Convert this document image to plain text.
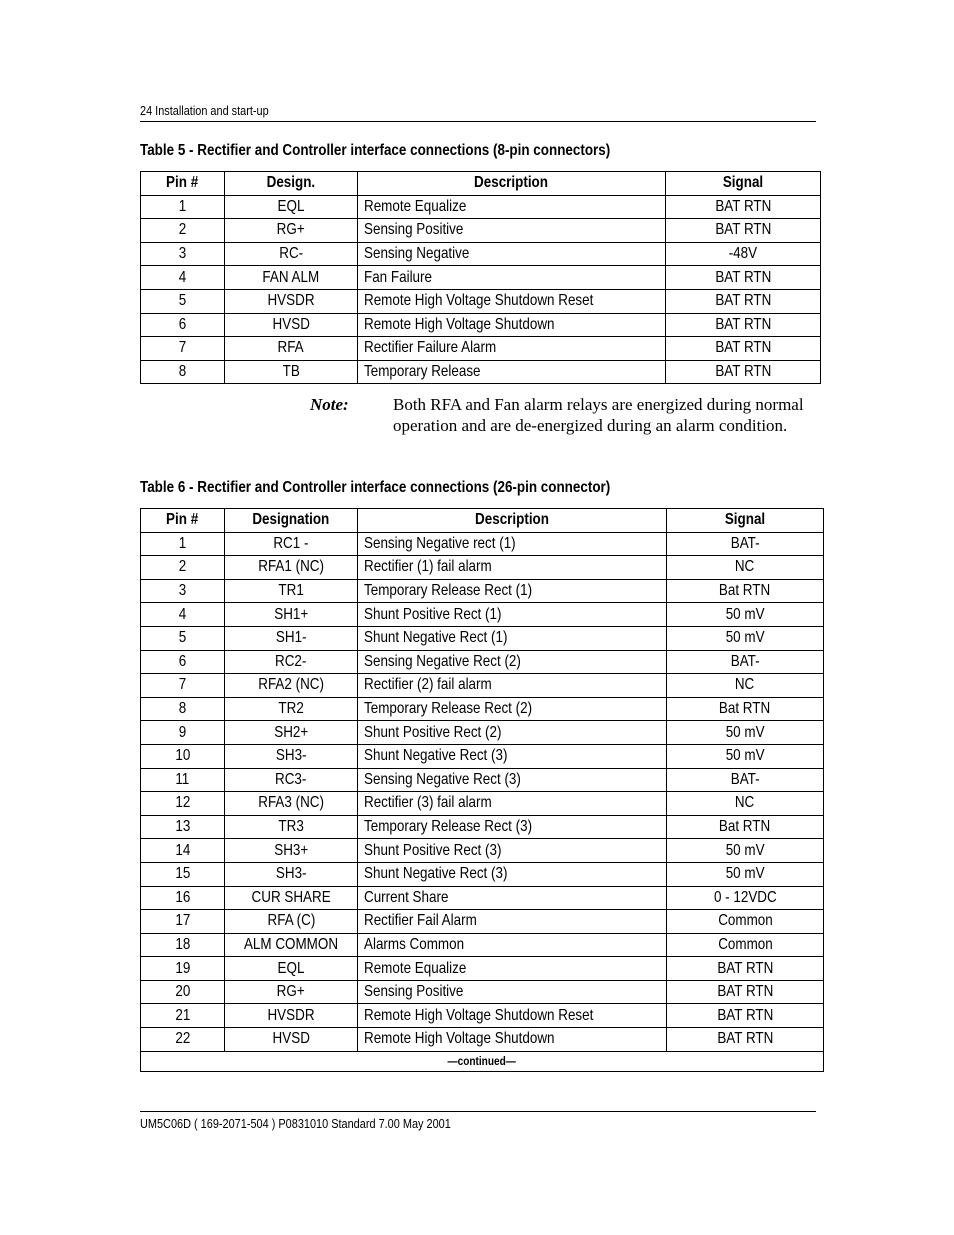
24 Installation and start-up
Table 5 - Rectifier and Controller interface connections (8-pin connectors)
Pin #	Design.	Description	Signal
1	EQL	Remote Equalize	BAT RTN
2	RG+	Sensing Positive	BAT RTN
3	RC-	Sensing Negative	-48V
4	FAN ALM	Fan Failure	BAT RTN
5	HVSDR	Remote High Voltage Shutdown Reset	BAT RTN
6	HVSD	Remote High Voltage Shutdown	BAT RTN
7	RFA	Rectifier Failure Alarm	BAT RTN
8	TB	Temporary Release	BAT RTN
Note:	Both RFA and Fan alarm relays are energized during normal operation and are de-energized during an alarm condition.
Table 6 - Rectifier and Controller interface connections (26-pin connector)
Pin #	Designation	Description	Signal
1	RC1 -	Sensing Negative rect (1)	BAT-
2	RFA1 (NC)	Rectifier (1) fail alarm	NC
3	TR1	Temporary Release Rect (1)	Bat RTN
4	SH1+	Shunt Positive Rect (1)	50 mV
5	SH1-	Shunt Negative Rect (1)	50 mV
6	RC2-	Sensing Negative Rect (2)	BAT-
7	RFA2 (NC)	Rectifier (2) fail alarm	NC
8	TR2	Temporary Release Rect (2)	Bat RTN
9	SH2+	Shunt Positive Rect (2)	50 mV
10	SH3-	Shunt Negative Rect (3)	50 mV
11	RC3-	Sensing Negative Rect (3)	BAT-
12	RFA3 (NC)	Rectifier (3) fail alarm	NC
13	TR3	Temporary Release Rect (3)	Bat RTN
14	SH3+	Shunt Positive Rect (3)	50 mV
15	SH3-	Shunt Negative Rect (3)	50 mV
16	CUR SHARE	Current Share	0 - 12VDC
17	RFA (C)	Rectifier Fail Alarm	Common
18	ALM COMMON	Alarms Common	Common
19	EQL	Remote Equalize	BAT RTN
20	RG+	Sensing Positive	BAT RTN
21	HVSDR	Remote High Voltage Shutdown Reset	BAT RTN
22	HVSD	Remote High Voltage Shutdown	BAT RTN
—continued—			
UM5C06D ( 169-2071-504 ) P0831010 Standard 7.00 May 2001
